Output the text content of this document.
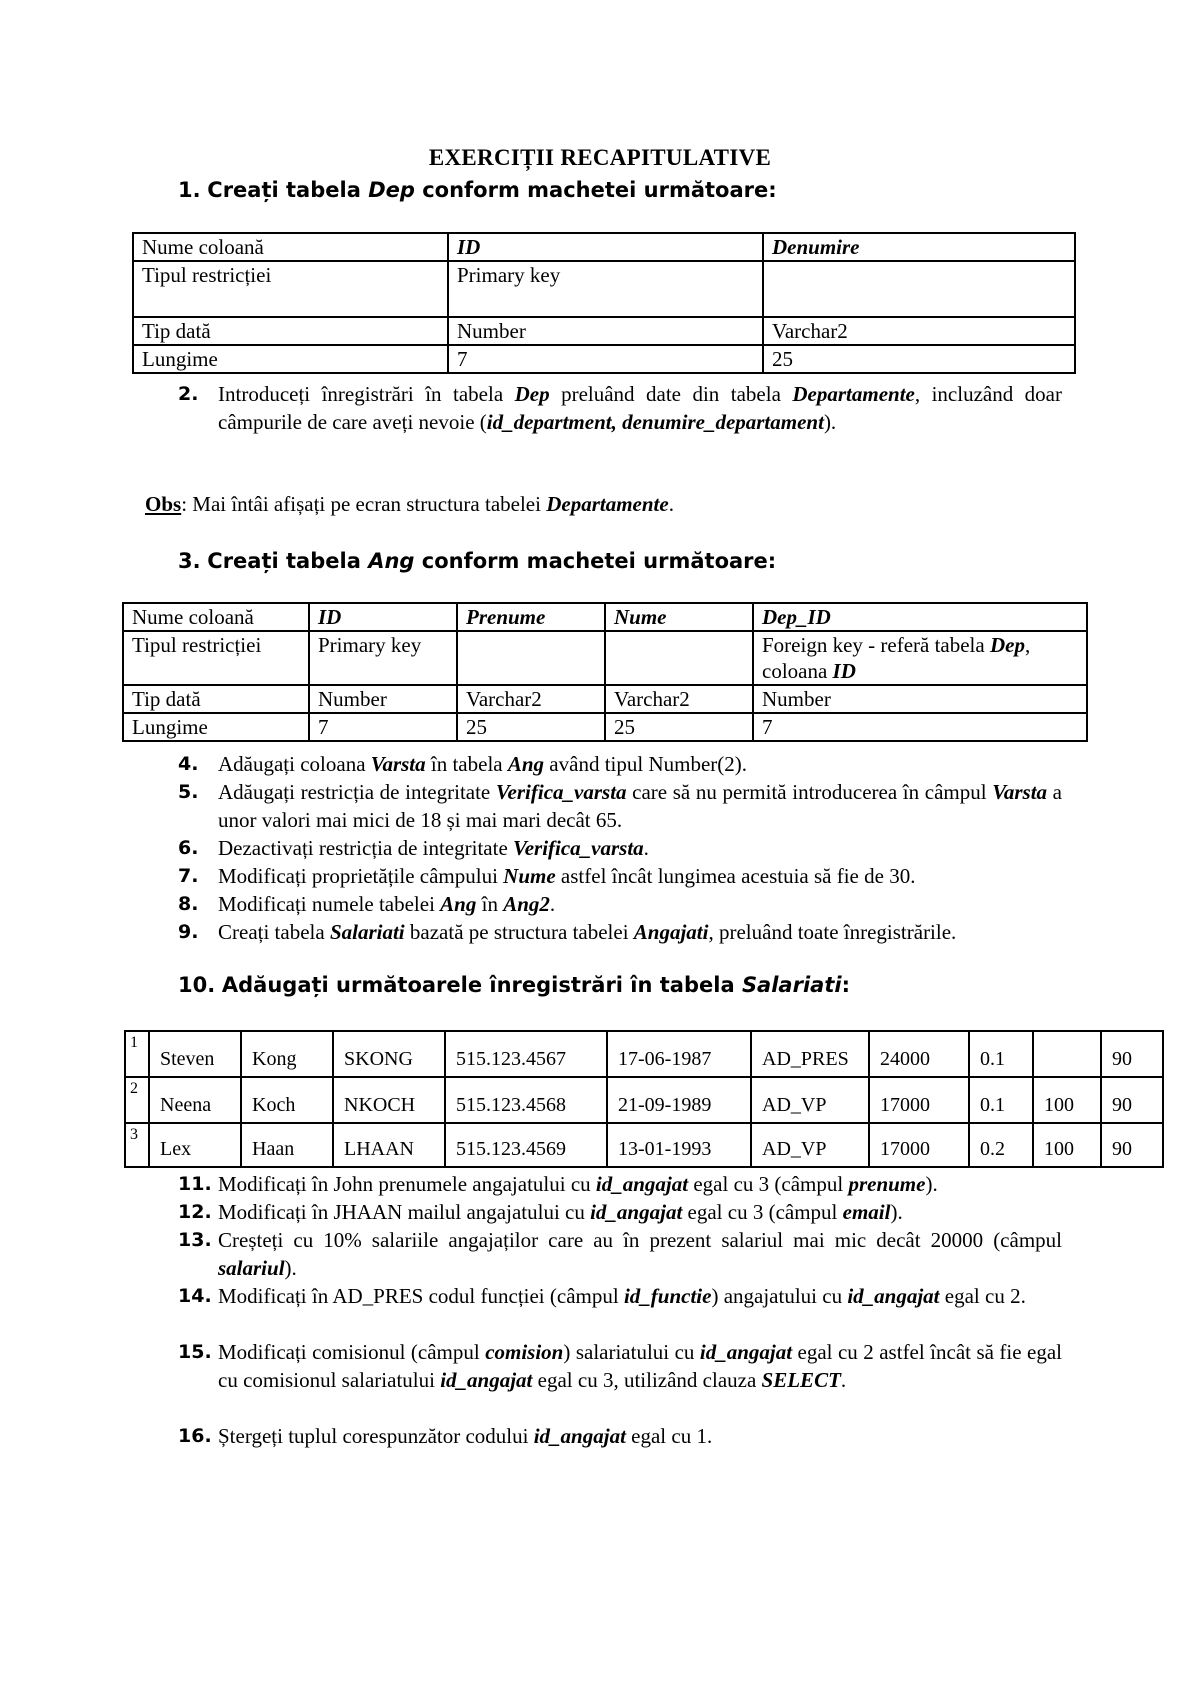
EXERCIȚII RECAPITULATIVE
1. Creați tabela Dep conform machetei următoare:
Nume coloană	ID	Denumire
Tipul restricției	Primary key	
Tip dată	Number	Varchar2
Lungime	7	25
2. Introduceți înregistrări în tabela Dep preluând date din tabela Departamente, incluzând doar câmpurile de care aveți nevoie (id_department, denumire_departament).
Obs: Mai întâi afișați pe ecran structura tabelei Departamente.
3. Creați tabela Ang conform machetei următoare:
Nume coloană	ID	Prenume	Nume	Dep_ID
Tipul restricției	Primary key			Foreign key - referă tabela Dep, coloana ID
Tip dată	Number	Varchar2	Varchar2	Number
Lungime	7	25	25	7
4. Adăugați coloana Varsta în tabela Ang având tipul Number(2).
5. Adăugați restricția de integritate Verifica_varsta care să nu permită introducerea în câmpul Varsta a unor valori mai mici de 18 și mai mari decât 65.
6. Dezactivați restricția de integritate Verifica_varsta.
7. Modificați proprietățile câmpului Nume astfel încât lungimea acestuia să fie de 30.
8. Modificați numele tabelei Ang în Ang2.
9. Creați tabela Salariati bazată pe structura tabelei Angajati, preluând toate înregistrările.
10. Adăugați următoarele înregistrări în tabela Salariati:
1	Steven	Kong	SKONG	515.123.4567	17-06-1987	AD_PRES	24000	0.1		90
2	Neena	Koch	NKOCH	515.123.4568	21-09-1989	AD_VP	17000	0.1	100	90
3	Lex	Haan	LHAAN	515.123.4569	13-01-1993	AD_VP	17000	0.2	100	90
11. Modificați în John prenumele angajatului cu id_angajat egal cu 3 (câmpul prenume).
12. Modificați în JHAAN mailul angajatului cu id_angajat egal cu 3 (câmpul email).
13. Creșteți cu 10% salariile angajaților care au în prezent salariul mai mic decât 20000 (câmpul salariul).
14. Modificați în AD_PRES codul funcției (câmpul id_functie) angajatului cu id_angajat egal cu 2.
15. Modificați comisionul (câmpul comision) salariatului cu id_angajat egal cu 2 astfel încât să fie egal cu comisionul salariatului id_angajat egal cu 3, utilizând clauza SELECT.
16. Ștergeți tuplul corespunzător codului id_angajat egal cu 1.
